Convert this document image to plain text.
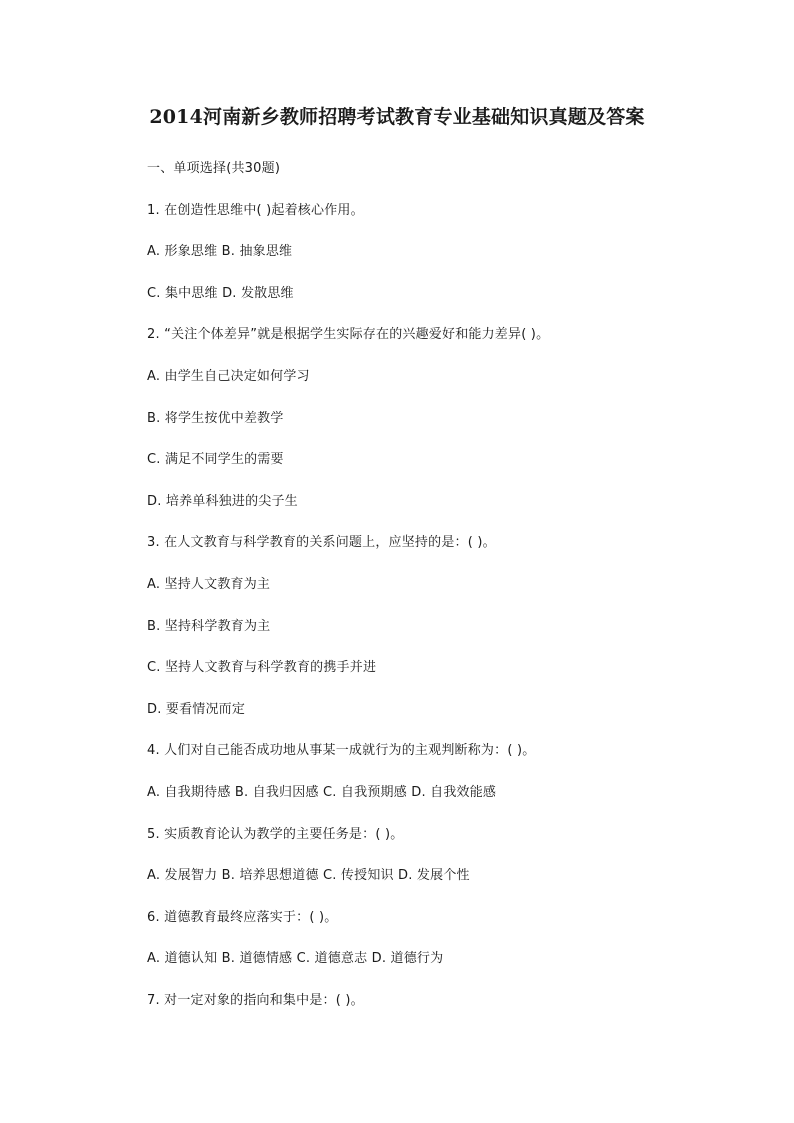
2014河南新乡教师招聘考试教育专业基础知识真题及答案
一、单项选择(共30题)
1. 在创造性思维中( )起着核心作用。
A. 形象思维 B. 抽象思维
C. 集中思维 D. 发散思维
2. “关注个体差异”就是根据学生实际存在的兴趣爱好和能力差异( )。
A. 由学生自己决定如何学习
B. 将学生按优中差教学
C. 满足不同学生的需要
D. 培养单科独进的尖子生
3. 在人文教育与科学教育的关系问题上，应坚持的是：( )。
A. 坚持人文教育为主
B. 坚持科学教育为主
C. 坚持人文教育与科学教育的携手并进
D. 要看情况而定
4. 人们对自己能否成功地从事某一成就行为的主观判断称为：( )。
A. 自我期待感 B. 自我归因感 C. 自我预期感 D. 自我效能感
5. 实质教育论认为教学的主要任务是：( )。
A. 发展智力 B. 培养思想道德 C. 传授知识 D. 发展个性
6. 道德教育最终应落实于：( )。
A. 道德认知 B. 道德情感 C. 道德意志 D. 道德行为
7. 对一定对象的指向和集中是：( )。
